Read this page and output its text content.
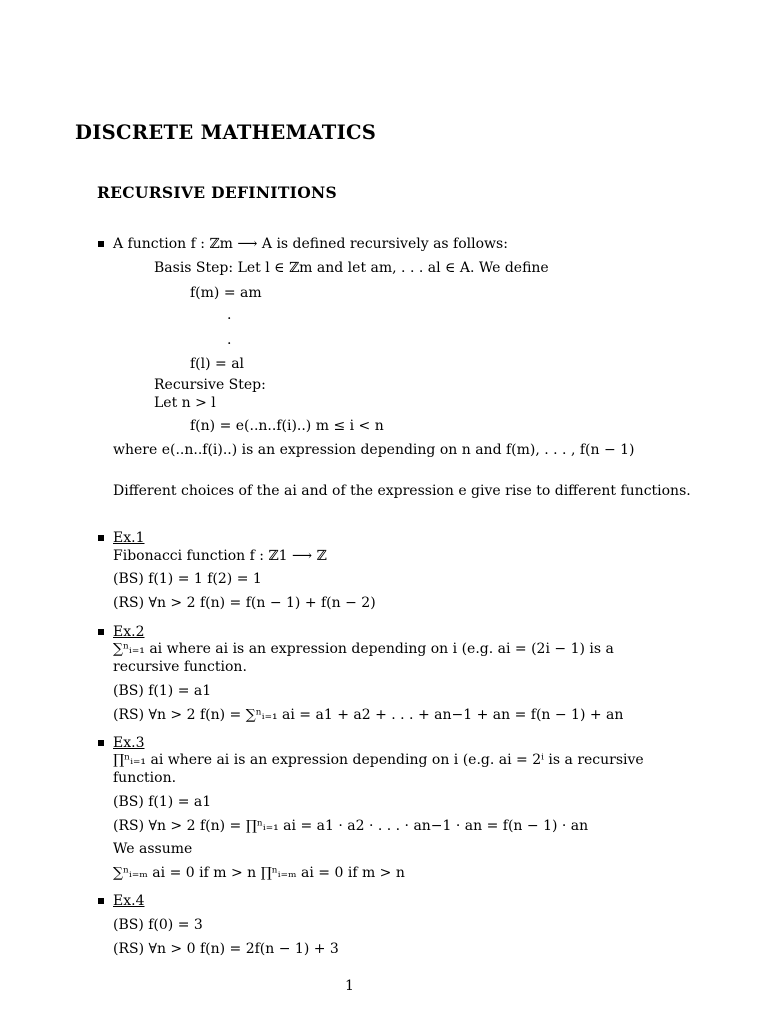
DISCRETE MATHEMATICS
RECURSIVE DEFINITIONS
A function f : ℤm ⟶ A is defined recursively as follows:
Basis Step: Let l ∈ ℤm and let am, . . . al ∈ A. We define
f(m) = am
.
.
f(l) = al
Recursive Step:
Let n > l
f(n) = e(..n..f(i)..) m ≤ i < n
where e(..n..f(i)..) is an expression depending on n and f(m), . . . , f(n − 1)
Different choices of the ai and of the expression e give rise to different functions.
Ex.1
Fibonacci function f : ℤ1 ⟶ ℤ
(BS) f(1) = 1 f(2) = 1
(RS) ∀n > 2 f(n) = f(n − 1) + f(n − 2)
Ex.2
∑ⁿᵢ₌₁ ai where ai is an expression depending on i (e.g. ai = (2i − 1) is a
recursive function.
(BS) f(1) = a1
(RS) ∀n > 2 f(n) = ∑ⁿᵢ₌₁ ai = a1 + a2 + . . . + an−1 + an = f(n − 1) + an
Ex.3
∏ⁿᵢ₌₁ ai where ai is an expression depending on i (e.g. ai = 2ⁱ is a recursive
function.
(BS) f(1) = a1
(RS) ∀n > 2 f(n) = ∏ⁿᵢ₌₁ ai = a1 · a2 · . . . · an−1 · an = f(n − 1) · an
We assume
∑ⁿᵢ₌ₘ ai = 0 if m > n ∏ⁿᵢ₌ₘ ai = 0 if m > n
Ex.4
(BS) f(0) = 3
(RS) ∀n > 0 f(n) = 2f(n − 1) + 3
1
